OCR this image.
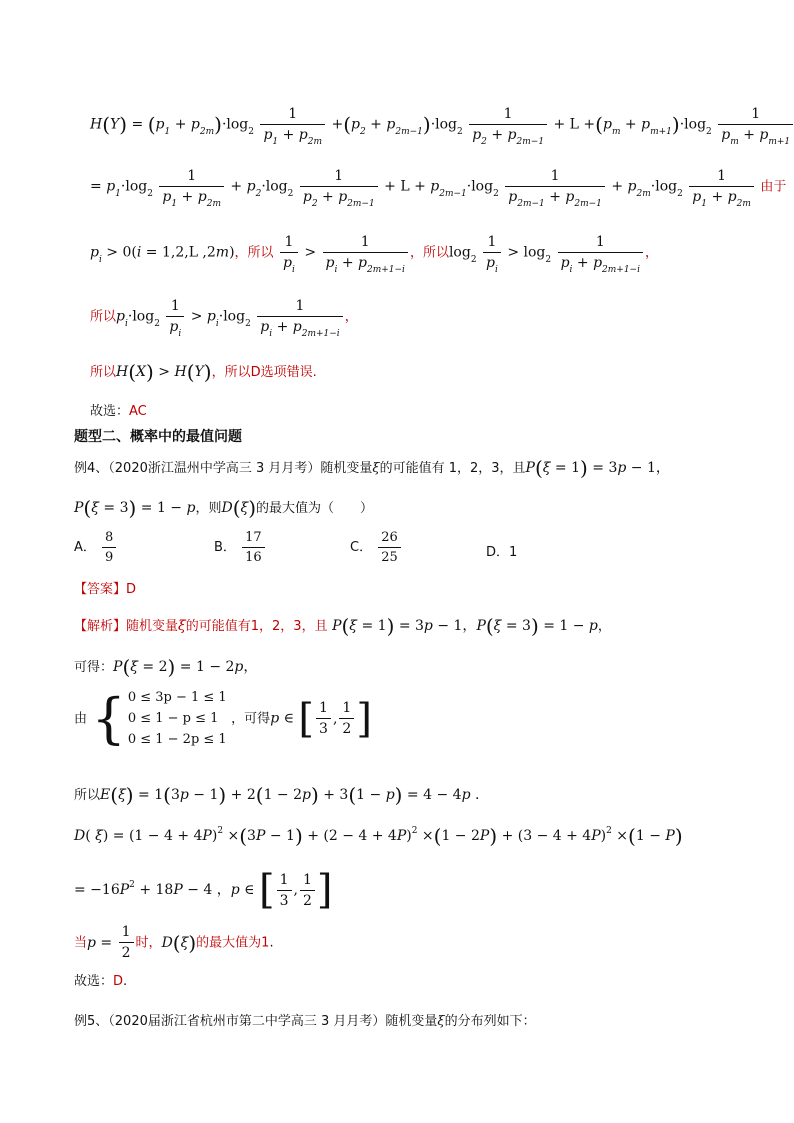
$H(Y) = (p_1 + p_{2m})\cdot\log_2 \frac{1}{p_1 + p_{2m}} +(p_2 + p_{2m-1})\cdot\log_2 \frac{1}{p_2 + p_{2m-1}} + L +(p_m + p_{m+1})\cdot\log_2 \frac{1}{p_m + p_{m+1}}$
= $p_1\cdot\log_2 \frac{1}{p_1 + p_{2m}} + p_2\cdot\log_2 \frac{1}{p_2 + p_{2m-1}} + L + p_{2m-1}\cdot\log_2 \frac{1}{p_{2m-1} + p_{2m-1}} + p_{2m}\cdot\log_2 \frac{1}{p_1 + p_{2m}}$ 由于
$p_i > 0(i = 1,2,L$ ,2m)，所以 $\frac{1}{p_i} > \frac{1}{p_i + p_{2m+1-i}}$ ，所以$\log_2 \frac{1}{p_i} > \log_2 \frac{1}{p_i + p_{2m+1-i}}$ ，
所以$p_i\cdot\log_2 \frac{1}{p_i} > p_i\cdot\log_2 \frac{1}{p_i + p_{2m+1-i}}$ ，
所以H(X) > H(Y)，所以D选项错误.
故选：AC
题型二、概率中的最值问题
例4、（2020浙江温州中学高三 3 月月考）随机变量ξ的可能值有 1，2，3，且P(ξ = 1) = 3p − 1，
P(ξ = 3) = 1 − p，则D(ξ)的最大值为（　　）
A． $\frac{8}{9}$	B． $\frac{17}{16}$	C． $\frac{26}{25}$	D．1
【答案】D
【解析】随机变量ξ的可能值有1，2，3，且 P(ξ = 1) = 3p − 1，P(ξ = 3) = 1 − p，
可得：P(ξ = 2) = 1 − 2p，
由 { 0 ≤ 3p − 1 ≤ 1
0 ≤ 1 − p ≤ 1
0 ≤ 1 − 2p ≤ 1
，可得p ∈ [ $\frac{1}{3}$ , $\frac{1}{2}$ ]
所以E(ξ) = 1(3p − 1) + 2(1 − 2p) + 3(1 − p) = 4 − 4p .
D( $\xi) = (1 - 4 + 4P)^2 \times(3P - 1) + (2 - 4 + 4P)^2 \times(1 - 2P) + (3 - 4 + 4P)^2 \times(1 - P)$
= $-16P^2 + 18P - 4$ ，p ∈ [ $\frac{1}{3}$ , $\frac{1}{2}$ ]
当$p = \frac{1}{2}$ 时，D(ξ)的最大值为1.
故选：D.
例5、（2020届浙江省杭州市第二中学高三 3 月月考）随机变量ξ的分布列如下：
